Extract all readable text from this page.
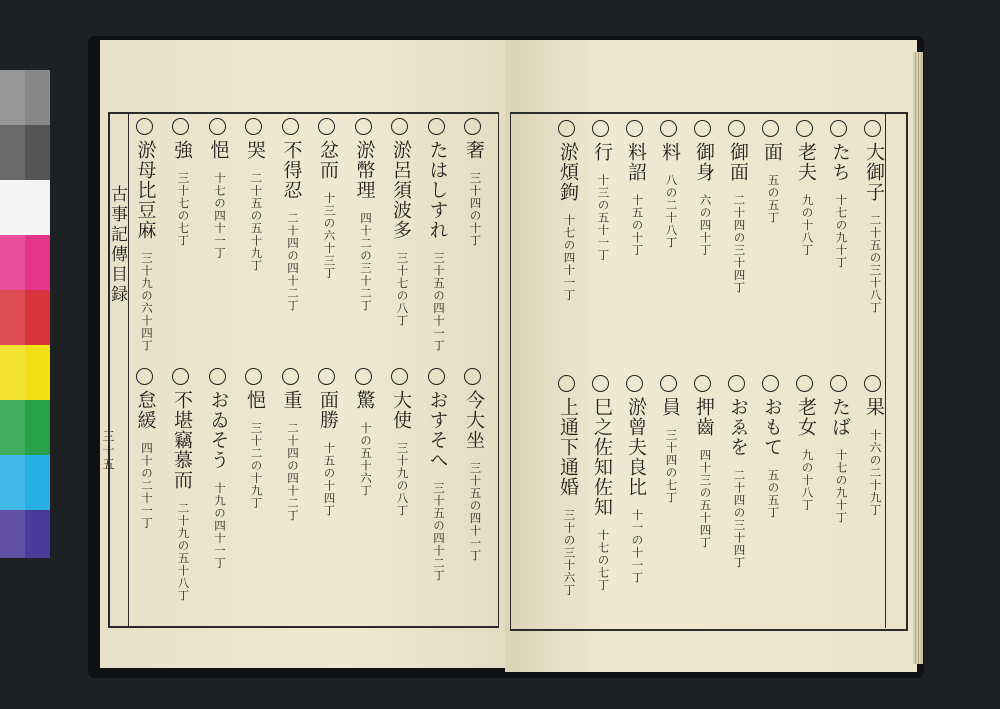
古事記傳目録
三十五
奢
三十四の十丁
たはしすれ
三十五の四十一丁
淤呂須波多
三十七の八丁
淤幣理
四十二の三十二丁
忿而
十三の六十三丁
不得忍
二十四の四十二丁
哭
二十五の五十九丁
悒
十七の四十一丁
強
三十七の七丁
淤母比豆麻
三十九の六十四丁
今大坐
三十五の四十一丁
おすそへ
三十五の四十二丁
大使
三十九の八丁
驚
十の五十六丁
面勝
十五の十四丁
重
二十四の四十二丁
悒
三十二の十九丁
おゐそう
十九の四十一丁
不堪竊慕而
二十九の五十八丁
怠緩
四十の二十一丁
大御子
二十五の三十八丁
たち
十七の九十丁
老夫
九の十八丁
面
五の五丁
御面
二十四の三十四丁
御身
六の四十丁
料
八の二十八丁
料詔
十五の十丁
行
十三の五十一丁
淤煩鉤
十七の四十一丁
果
十六の二十九丁
たば
十七の九十丁
老女
九の十八丁
おもて
五の五丁
おゑを
二十四の三十四丁
押齒
四十三の五十四丁
員
三十四の七丁
淤曾夫良比
十一の十一丁
巳之佐知佐知
十七の七丁
上通下通婚
三十の三十六丁
